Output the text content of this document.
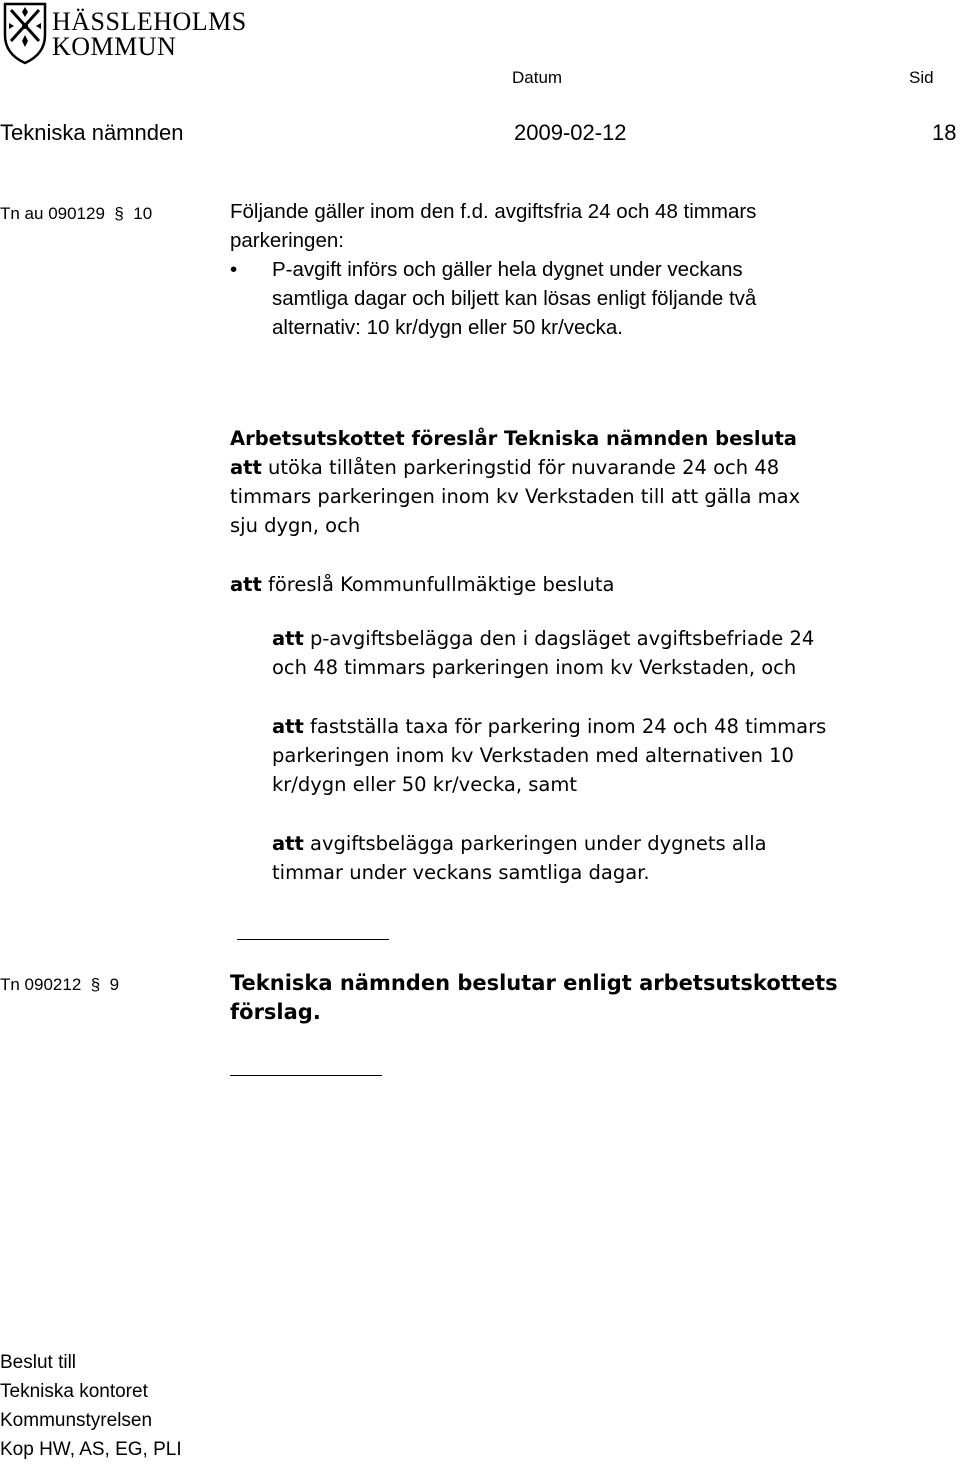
HÄSSLEHOLMS
KOMMUN
Datum	Sid
Tekniska nämnden	2009-02-12	18
Tn au 090129  §  10	Följande gäller inom den f.d. avgiftsfria 24 och 48 timmars
parkeringen:
• P-avgift införs och gäller hela dygnet under veckans
samtliga dagar och biljett kan lösas enligt följande två
alternativ: 10 kr/dygn eller 50 kr/vecka.
Arbetsutskottet föreslår Tekniska nämnden besluta
att utöka tillåten parkeringstid för nuvarande 24 och 48
timmars parkeringen inom kv Verkstaden till att gälla max
sju dygn, och
att föreslå Kommunfullmäktige besluta
att p-avgiftsbelägga den i dagsläget avgiftsbefriade 24
och 48 timmars parkeringen inom kv Verkstaden, och
att fastställa taxa för parkering inom 24 och 48 timmars
parkeringen inom kv Verkstaden med alternativen 10
kr/dygn eller 50 kr/vecka, samt
att avgiftsbelägga parkeringen under dygnets alla
timmar under veckans samtliga dagar.
Tn 090212  §  9	Tekniska nämnden beslutar enligt arbetsutskottets
förslag.
Beslut till
Tekniska kontoret
Kommunstyrelsen
Kop HW, AS, EG, PLI
